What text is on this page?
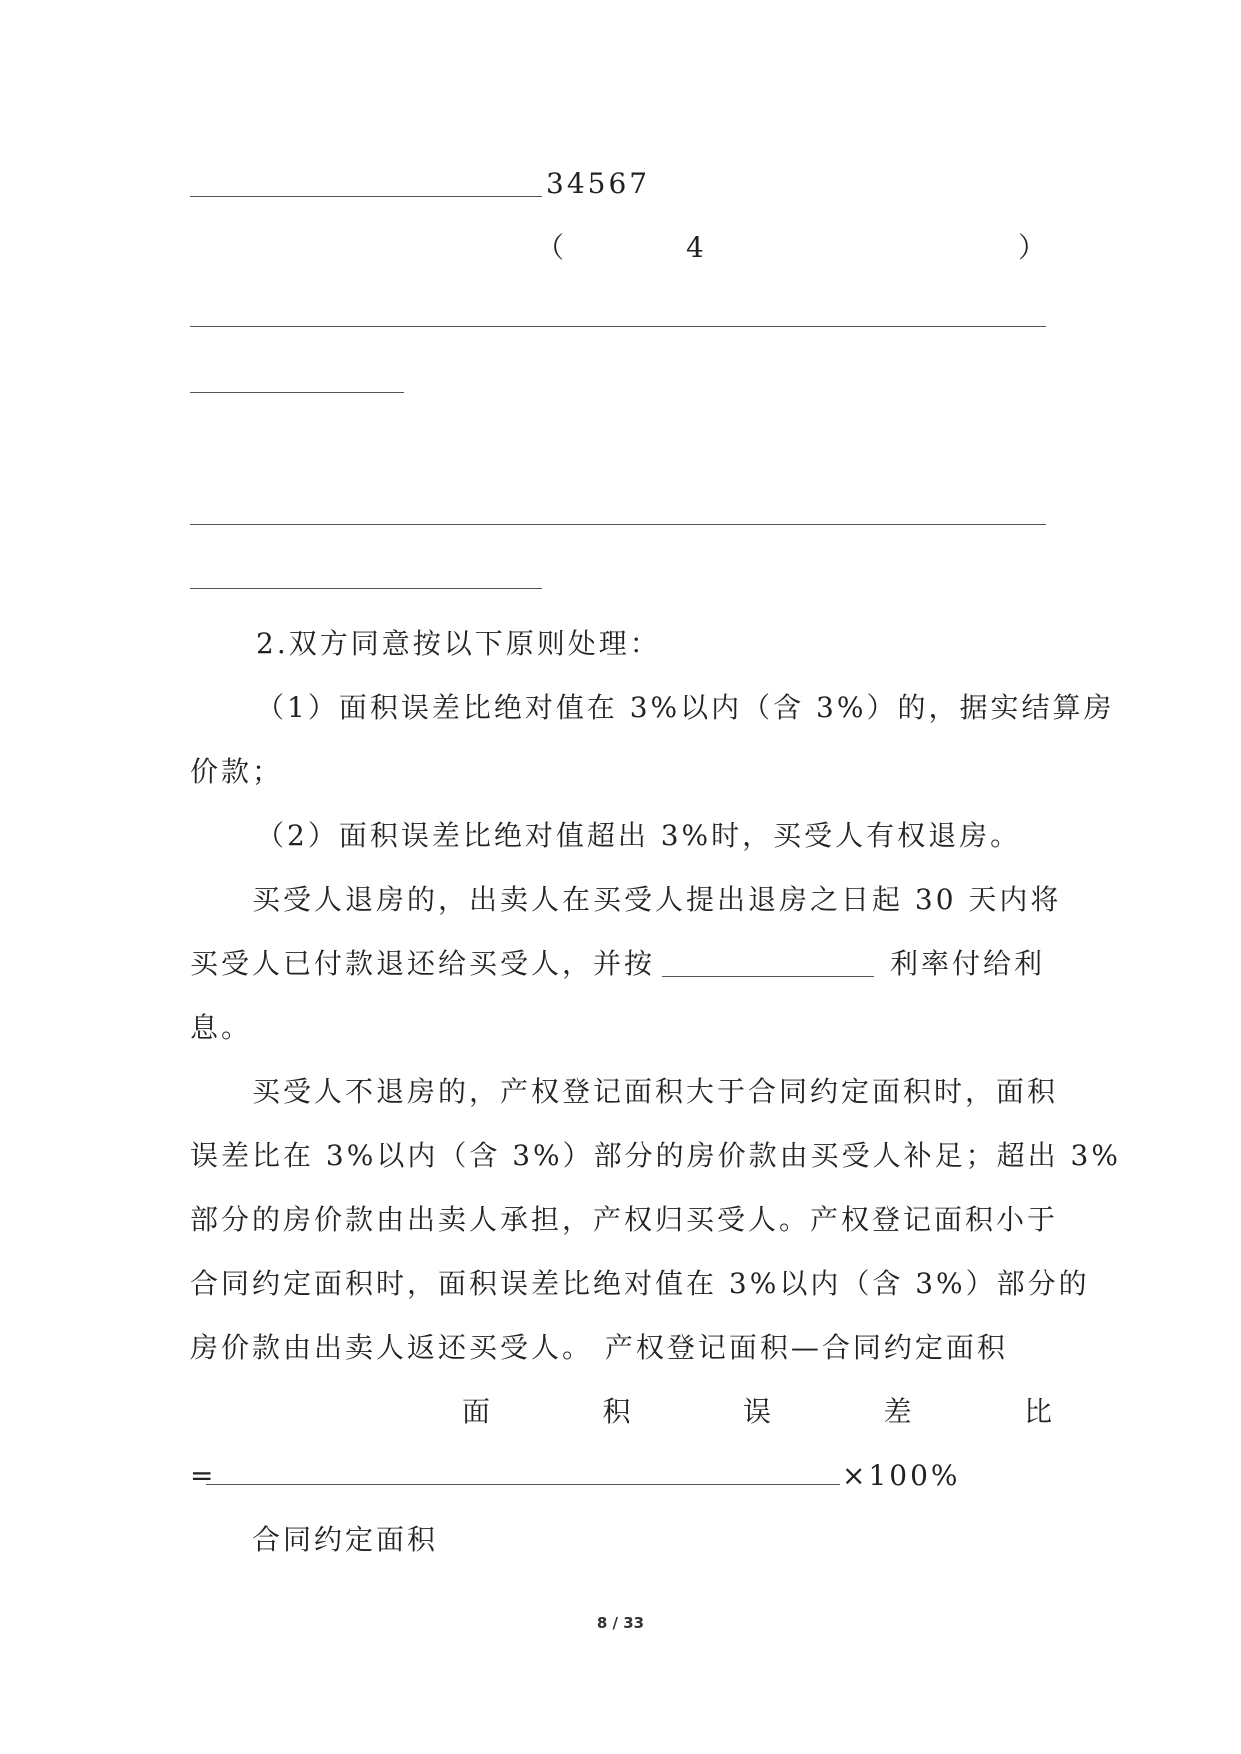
34567
（	4	）
2.双方同意按以下原则处理：
（1）面积误差比绝对值在 3%以内（含 3%）的，据实结算房
价款；
（2）面积误差比绝对值超出 3%时，买受人有权退房。
买受人退房的，出卖人在买受人提出退房之日起 30 天内将
买受人已付款退还给买受人，并按	利率付给利
息。
买受人不退房的，产权登记面积大于合同约定面积时，面积
误差比在 3%以内（含 3%）部分的房价款由买受人补足；超出 3%
部分的房价款由出卖人承担，产权归买受人。产权登记面积小于
合同约定面积时，面积误差比绝对值在 3%以内（含 3%）部分的
房价款由出卖人返还买受人。 产权登记面积—合同约定面积
面	积	误	差	比
=	×100%
合同约定面积
8 / 33
